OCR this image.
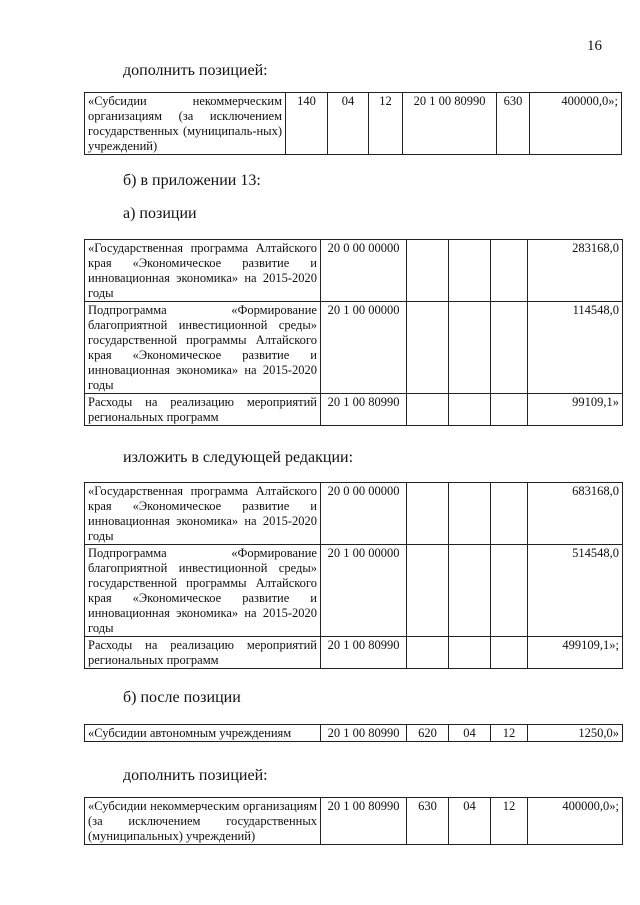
16
дополнить позицией:
«Субсидии некоммерческим организациям (за исключением государственных (муниципаль-ных) учреждений)	140	04	12	20 1 00 80990	630	400000,0»;
б) в приложении 13:
а) позиции
«Государственная программа Алтайского края «Экономическое развитие и инновационная экономика» на 2015-2020 годы	20 0 00 00000				283168,0
Подпрограмма «Формирование благоприятной инвестиционной среды» государственной программы Алтайского края «Экономическое развитие и инновационная экономика» на 2015-2020 годы	20 1 00 00000				114548,0
Расходы на реализацию мероприятий региональных программ	20 1 00 80990				99109,1»
изложить в следующей редакции:
«Государственная программа Алтайского края «Экономическое развитие и инновационная экономика» на 2015-2020 годы	20 0 00 00000				683168,0
Подпрограмма «Формирование благоприятной инвестиционной среды» государственной программы Алтайского края «Экономическое развитие и инновационная экономика» на 2015-2020 годы	20 1 00 00000				514548,0
Расходы на реализацию мероприятий региональных программ	20 1 00 80990				499109,1»;
б) после позиции
«Субсидии автономным учреждениям	20 1 00 80990	620	04	12	1250,0»
дополнить позицией:
«Субсидии некоммерческим организациям (за исключением государственных (муниципальных) учреждений)	20 1 00 80990	630	04	12	400000,0»;
